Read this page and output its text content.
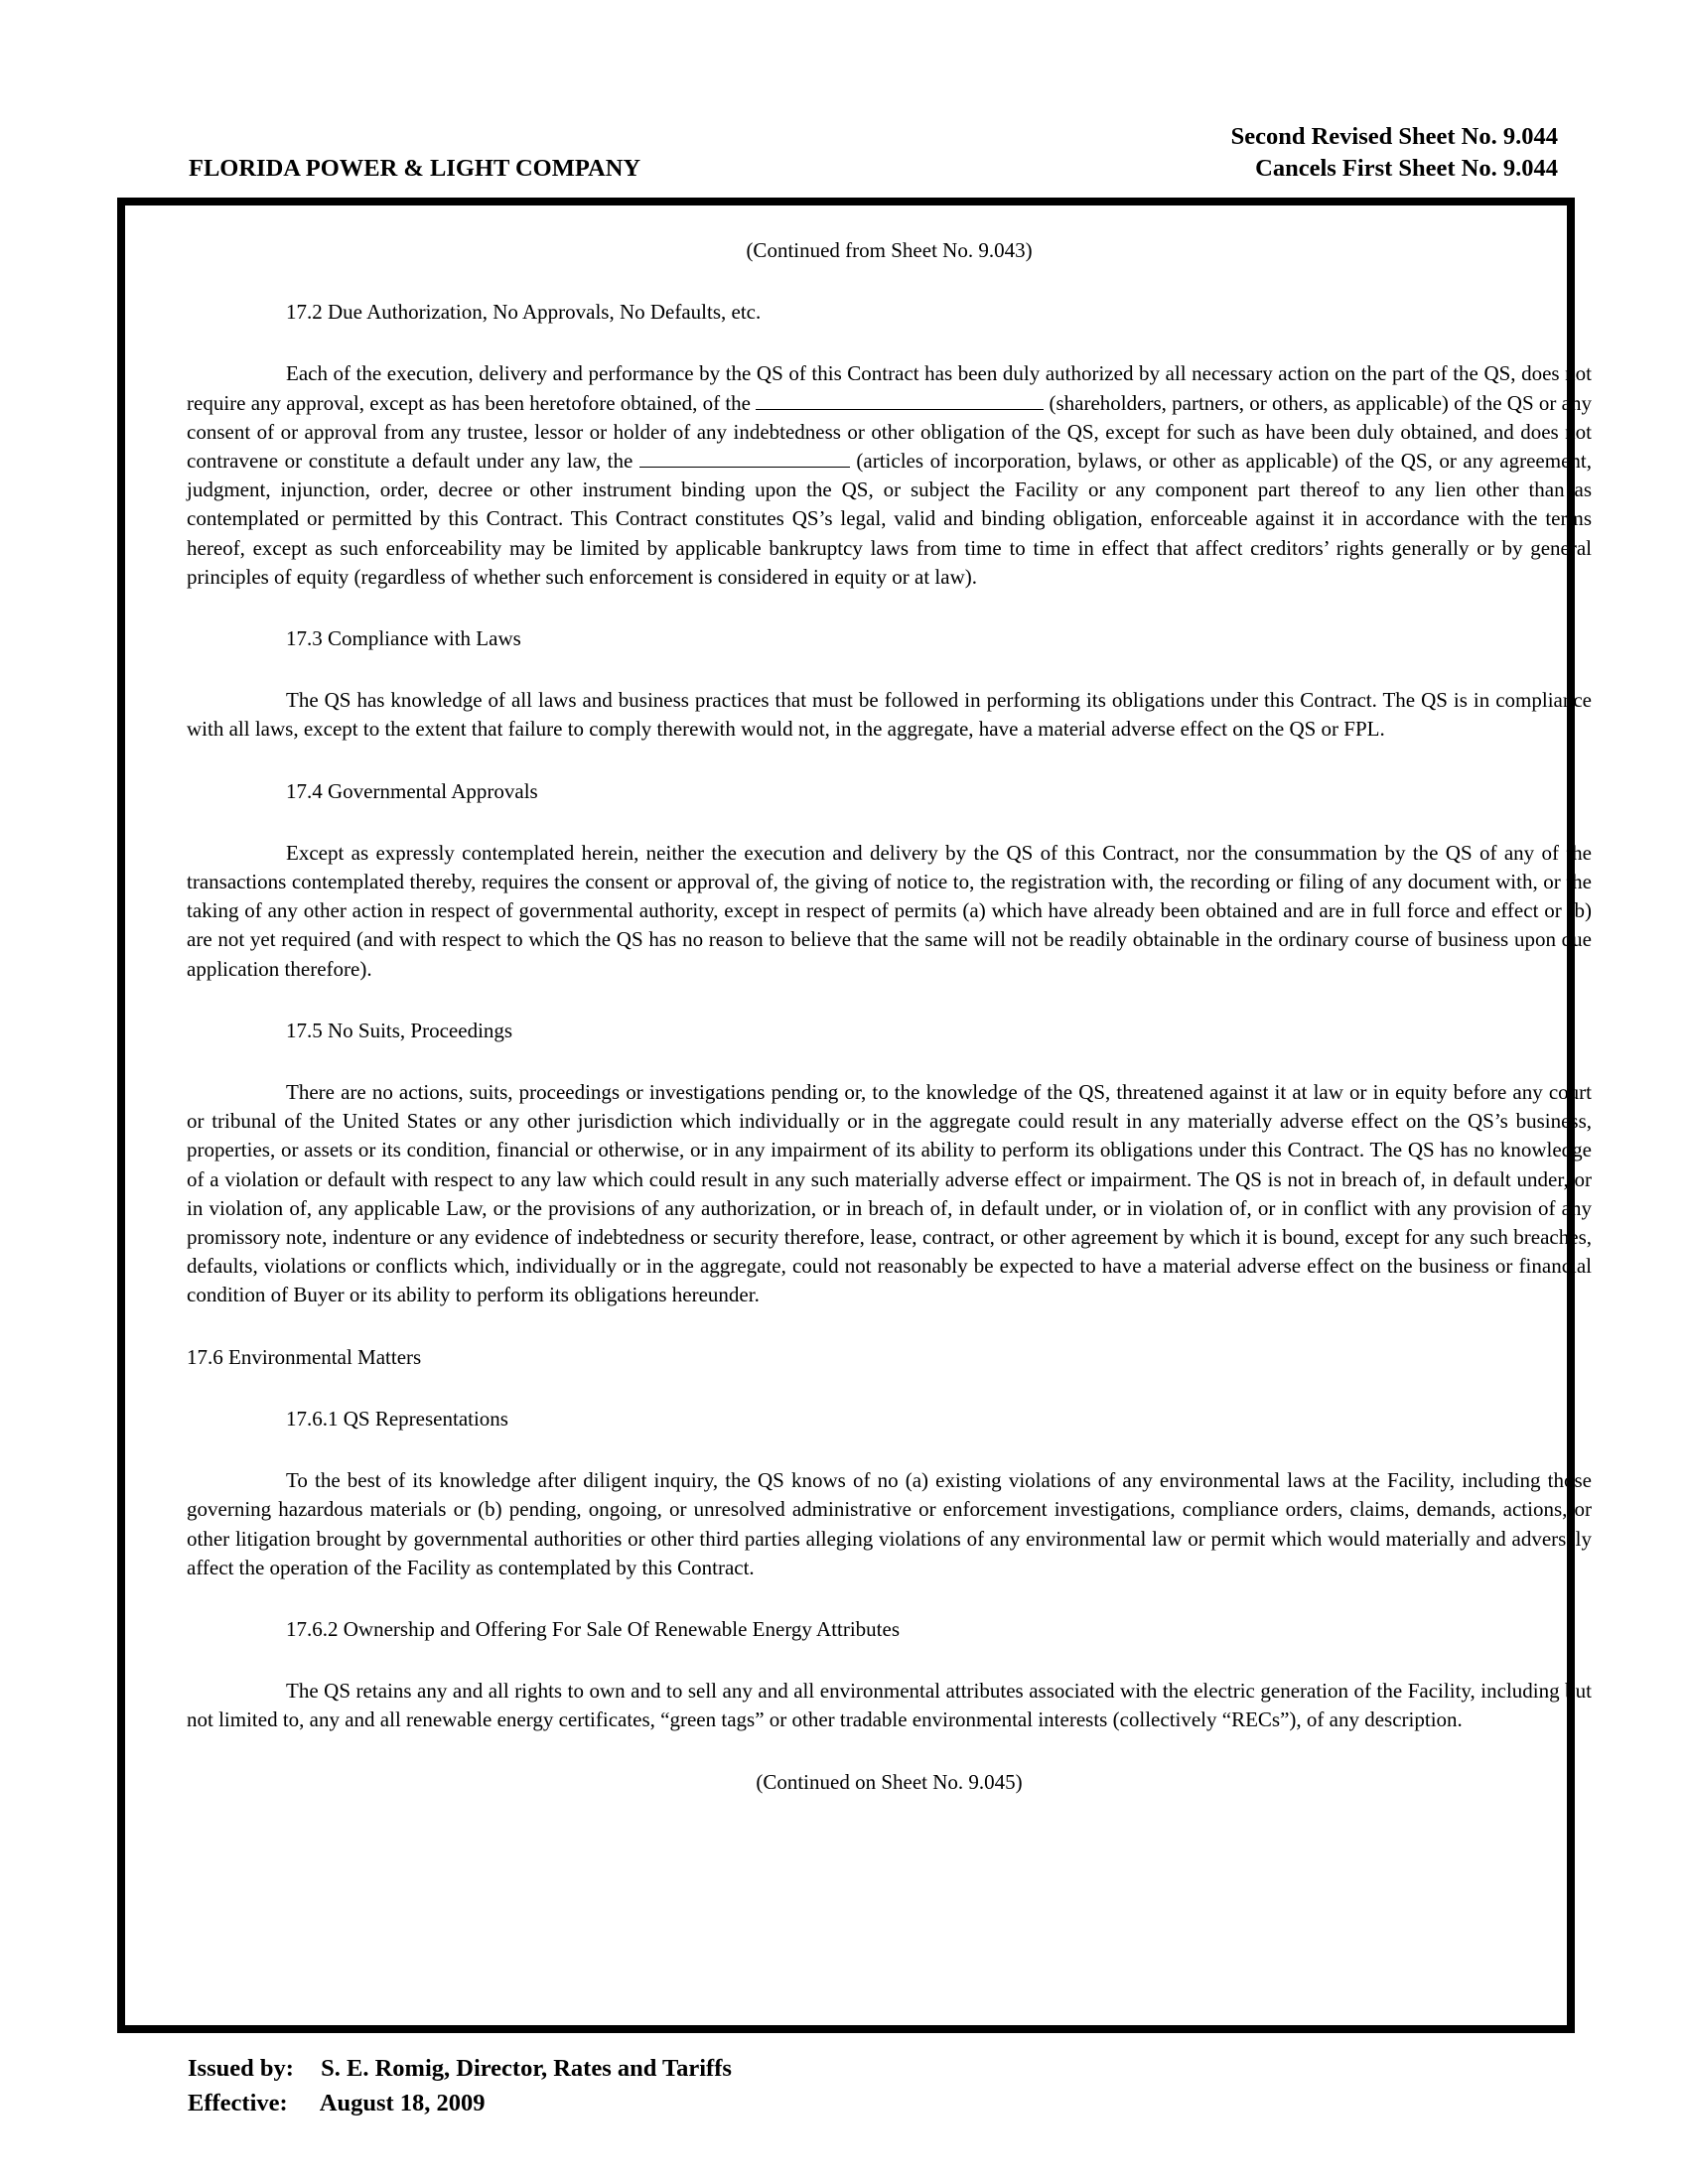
Second Revised Sheet No. 9.044
Cancels First Sheet No. 9.044
FLORIDA POWER & LIGHT COMPANY

(Continued from Sheet No. 9.043)

17.2 Due Authorization, No Approvals, No Defaults, etc.

Each of the execution, delivery and performance by the QS of this Contract has been duly authorized by all necessary action on the part of the QS, does not require any approval, except as has been heretofore obtained, of the	(shareholders, partners, or others, as applicable) of the QS or any consent of or approval from any trustee, lessor or holder of any indebtedness or other obligation of the QS, except for such as have been duly obtained, and does not contravene or constitute a default under any law, the	(articles of incorporation, bylaws, or other as applicable) of the QS, or any agreement, judgment, injunction, order, decree or other instrument binding upon the QS, or subject the Facility or any component part thereof to any lien other than as contemplated or permitted by this Contract. This Contract constitutes QS’s legal, valid and binding obligation, enforceable against it in accordance with the terms hereof, except as such enforceability may be limited by applicable bankruptcy laws from time to time in effect that affect creditors’ rights generally or by general principles of equity (regardless of whether such enforcement is considered in equity or at law).

17.3 Compliance with Laws

The QS has knowledge of all laws and business practices that must be followed in performing its obligations under this Contract. The QS is in compliance with all laws, except to the extent that failure to comply therewith would not, in the aggregate, have a material adverse effect on the QS or FPL.

17.4 Governmental Approvals

Except as expressly contemplated herein, neither the execution and delivery by the QS of this Contract, nor the consummation by the QS of any of the transactions contemplated thereby, requires the consent or approval of, the giving of notice to, the registration with, the recording or filing of any document with, or the taking of any other action in respect of governmental authority, except in respect of permits (a) which have already been obtained and are in full force and effect or (b) are not yet required (and with respect to which the QS has no reason to believe that the same will not be readily obtainable in the ordinary course of business upon due application therefore).

17.5 No Suits, Proceedings

There are no actions, suits, proceedings or investigations pending or, to the knowledge of the QS, threatened against it at law or in equity before any court or tribunal of the United States or any other jurisdiction which individually or in the aggregate could result in any materially adverse effect on the QS’s business, properties, or assets or its condition, financial or otherwise, or in any impairment of its ability to perform its obligations under this Contract. The QS has no knowledge of a violation or default with respect to any law which could result in any such materially adverse effect or impairment. The QS is not in breach of, in default under, or in violation of, any applicable Law, or the provisions of any authorization, or in breach of, in default under, or in violation of, or in conflict with any provision of any promissory note, indenture or any evidence of indebtedness or security therefore, lease, contract, or other agreement by which it is bound, except for any such breaches, defaults, violations or conflicts which, individually or in the aggregate, could not reasonably be expected to have a material adverse effect on the business or financial condition of Buyer or its ability to perform its obligations hereunder.

17.6 Environmental Matters

17.6.1 QS Representations

To the best of its knowledge after diligent inquiry, the QS knows of no (a) existing violations of any environmental laws at the Facility, including those governing hazardous materials or (b) pending, ongoing, or unresolved administrative or enforcement investigations, compliance orders, claims, demands, actions, or other litigation brought by governmental authorities or other third parties alleging violations of any environmental law or permit which would materially and adversely affect the operation of the Facility as contemplated by this Contract.

17.6.2 Ownership and Offering For Sale Of Renewable Energy Attributes

The QS retains any and all rights to own and to sell any and all environmental attributes associated with the electric generation of the Facility, including but not limited to, any and all renewable energy certificates, “green tags” or other tradable environmental interests (collectively “RECs”), of any description.

(Continued on Sheet No. 9.045)

Issued by: S. E. Romig, Director, Rates and Tariffs
Effective: August 18, 2009
